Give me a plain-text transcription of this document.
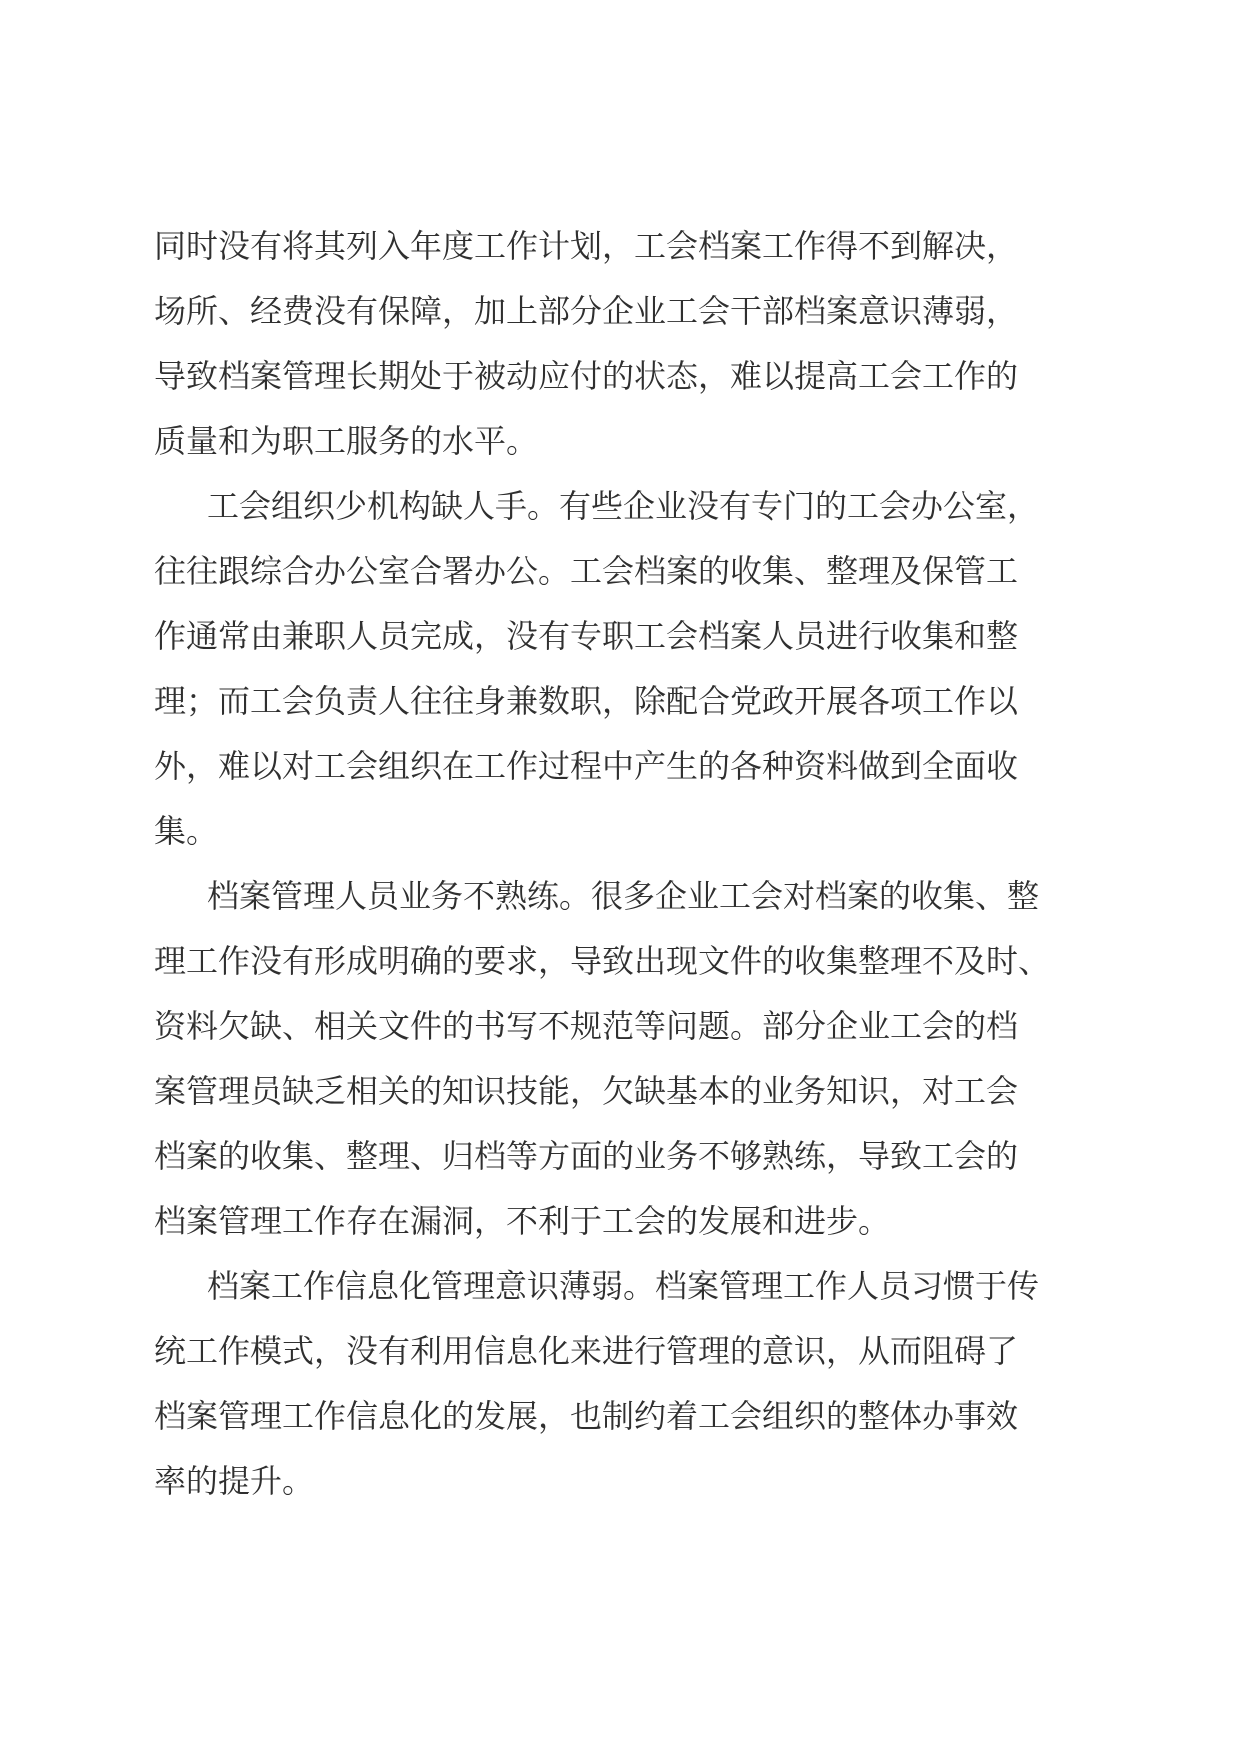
同时没有将其列入年度工作计划，工会档案工作得不到解决，
场所、经费没有保障，加上部分企业工会干部档案意识薄弱，
导致档案管理长期处于被动应付的状态，难以提高工会工作的
质量和为职工服务的水平。
工会组织少机构缺人手。有些企业没有专门的工会办公室，
往往跟综合办公室合署办公。工会档案的收集、整理及保管工
作通常由兼职人员完成，没有专职工会档案人员进行收集和整
理；而工会负责人往往身兼数职，除配合党政开展各项工作以
外，难以对工会组织在工作过程中产生的各种资料做到全面收
集。
档案管理人员业务不熟练。很多企业工会对档案的收集、整
理工作没有形成明确的要求，导致出现文件的收集整理不及时、
资料欠缺、相关文件的书写不规范等问题。部分企业工会的档
案管理员缺乏相关的知识技能，欠缺基本的业务知识，对工会
档案的收集、整理、归档等方面的业务不够熟练，导致工会的
档案管理工作存在漏洞，不利于工会的发展和进步。
档案工作信息化管理意识薄弱。档案管理工作人员习惯于传
统工作模式，没有利用信息化来进行管理的意识，从而阻碍了
档案管理工作信息化的发展，也制约着工会组织的整体办事效
率的提升。
